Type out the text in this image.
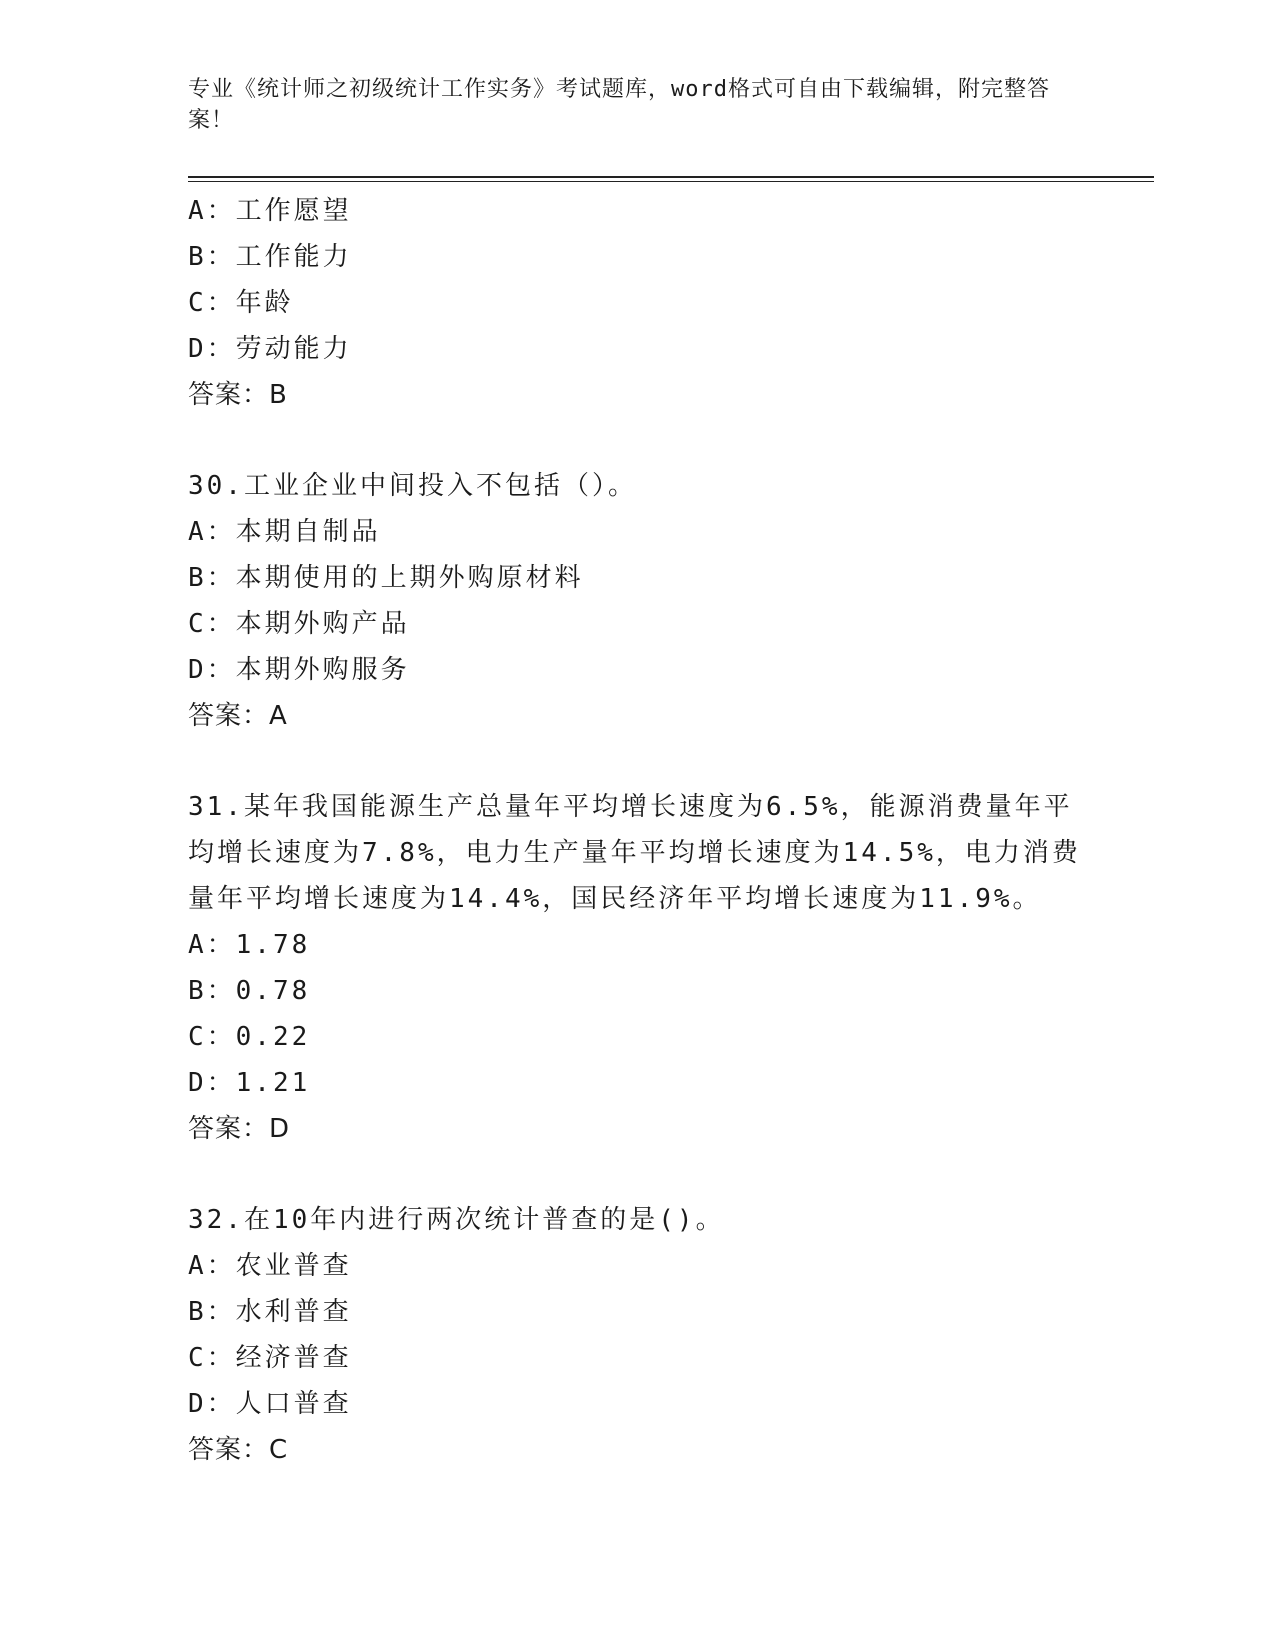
专业《统计师之初级统计工作实务》考试题库，word格式可自由下载编辑，附完整答案！
A：工作愿望
B：工作能力
C：年龄
D：劳动能力
答案：B
30.工业企业中间投入不包括（）。
A：本期自制品
B：本期使用的上期外购原材料
C：本期外购产品
D：本期外购服务
答案：A
31.某年我国能源生产总量年平均增长速度为6.5%，能源消费量年平均增长速度为7.8%，电力生产量年平均增长速度为14.5%，电力消费量年平均增长速度为14.4%，国民经济年平均增长速度为11.9%。
A：1.78
B：0.78
C：0.22
D：1.21
答案：D
32.在10年内进行两次统计普查的是()。
A：农业普查
B：水利普查
C：经济普查
D：人口普查
答案：C
